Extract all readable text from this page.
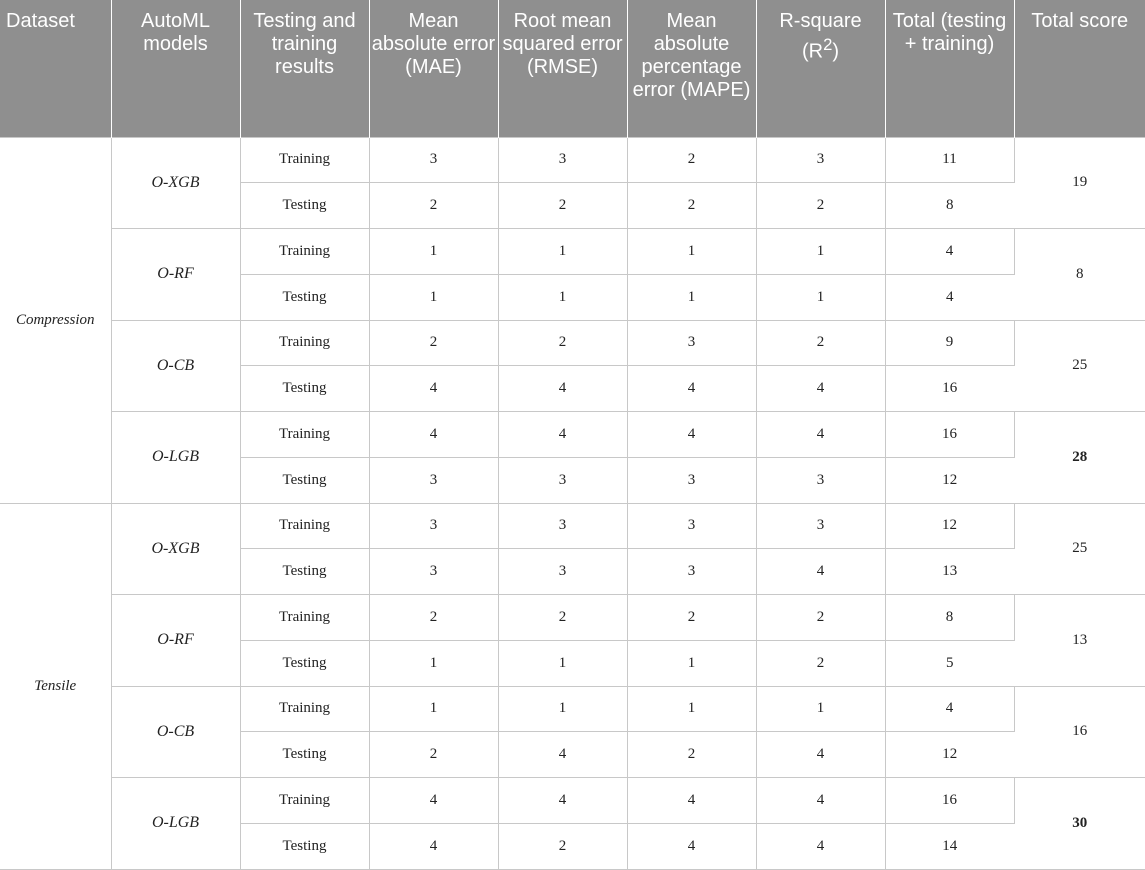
Dataset	AutoML models	Testing and training results	Mean absolute error (MAE)	Root mean squared error (RMSE)	Mean absolute percentage error (MAPE)	R-square $(R^2)$	Total (testing + training)	Total score
Compression	O-XGB	Training	3	3	2	3	11	19
		Testing	2	2	2	2	8	
	O-RF	Training	1	1	1	1	4	8
		Testing	1	1	1	1	4	
	O-CB	Training	2	2	3	2	9	25
		Testing	4	4	4	4	16	
	O-LGB	Training	4	4	4	4	16	28
		Testing	3	3	3	3	12	
Tensile	O-XGB	Training	3	3	3	3	12	25
		Testing	3	3	3	4	13	
	O-RF	Training	2	2	2	2	8	13
		Testing	1	1	1	2	5	
	O-CB	Training	1	1	1	1	4	16
		Testing	2	4	2	4	12	
	O-LGB	Training	4	4	4	4	16	30
		Testing	4	2	4	4	14	
